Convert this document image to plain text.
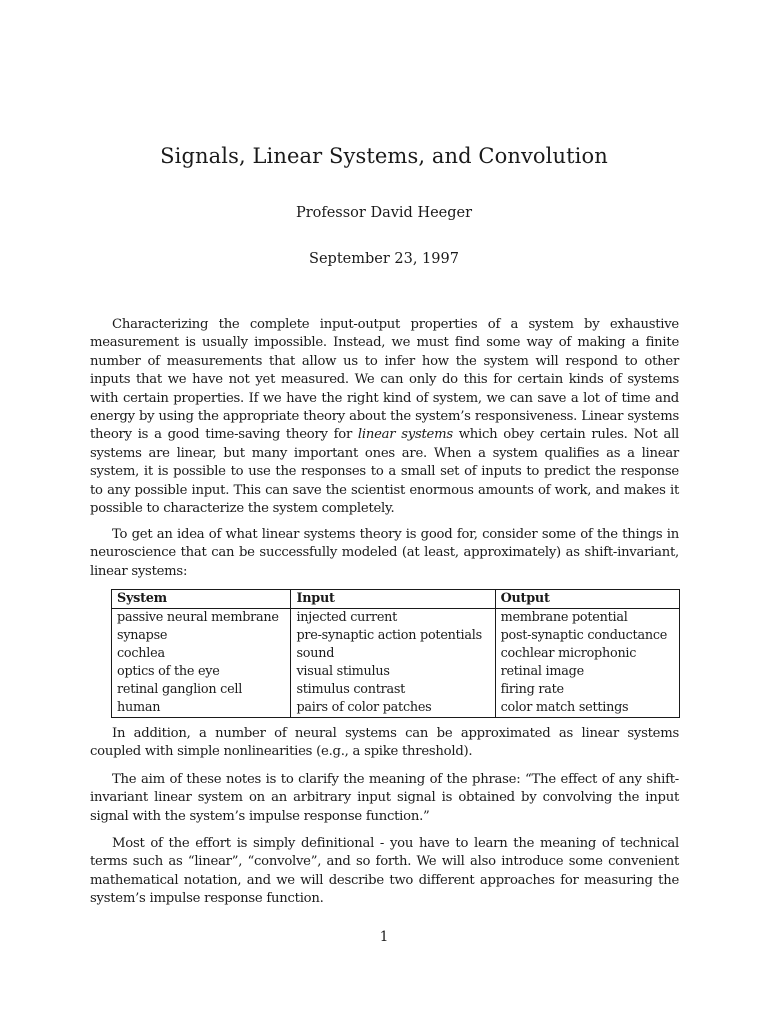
Signals, Linear Systems, and Convolution
Professor David Heeger
September 23, 1997

Characterizing the complete input-output properties of a system by exhaustive measurement is usually impossible. Instead, we must find some way of making a finite number of measurements that allow us to infer how the system will respond to other inputs that we have not yet measured. We can only do this for certain kinds of systems with certain properties. If we have the right kind of system, we can save a lot of time and energy by using the appropriate theory about the system’s responsiveness. Linear systems theory is a good time-saving theory for linear systems which obey certain rules. Not all systems are linear, but many important ones are. When a system qualifies as a linear system, it is possible to use the responses to a small set of inputs to predict the response to any possible input. This can save the scientist enormous amounts of work, and makes it possible to characterize the system completely.

To get an idea of what linear systems theory is good for, consider some of the things in neuroscience that can be successfully modeled (at least, approximately) as shift-invariant, linear systems:

System	Input	Output
passive neural membrane	injected current	membrane potential
synapse	pre-synaptic action potentials	post-synaptic conductance
cochlea	sound	cochlear microphonic
optics of the eye	visual stimulus	retinal image
retinal ganglion cell	stimulus contrast	firing rate
human	pairs of color patches	color match settings

In addition, a number of neural systems can be approximated as linear systems coupled with simple nonlinearities (e.g., a spike threshold).

The aim of these notes is to clarify the meaning of the phrase: “The effect of any shift-invariant linear system on an arbitrary input signal is obtained by convolving the input signal with the system’s impulse response function.”

Most of the effort is simply definitional - you have to learn the meaning of technical terms such as “linear”, “convolve”, and so forth. We will also introduce some convenient mathematical notation, and we will describe two different approaches for measuring the system’s impulse response function.

1
